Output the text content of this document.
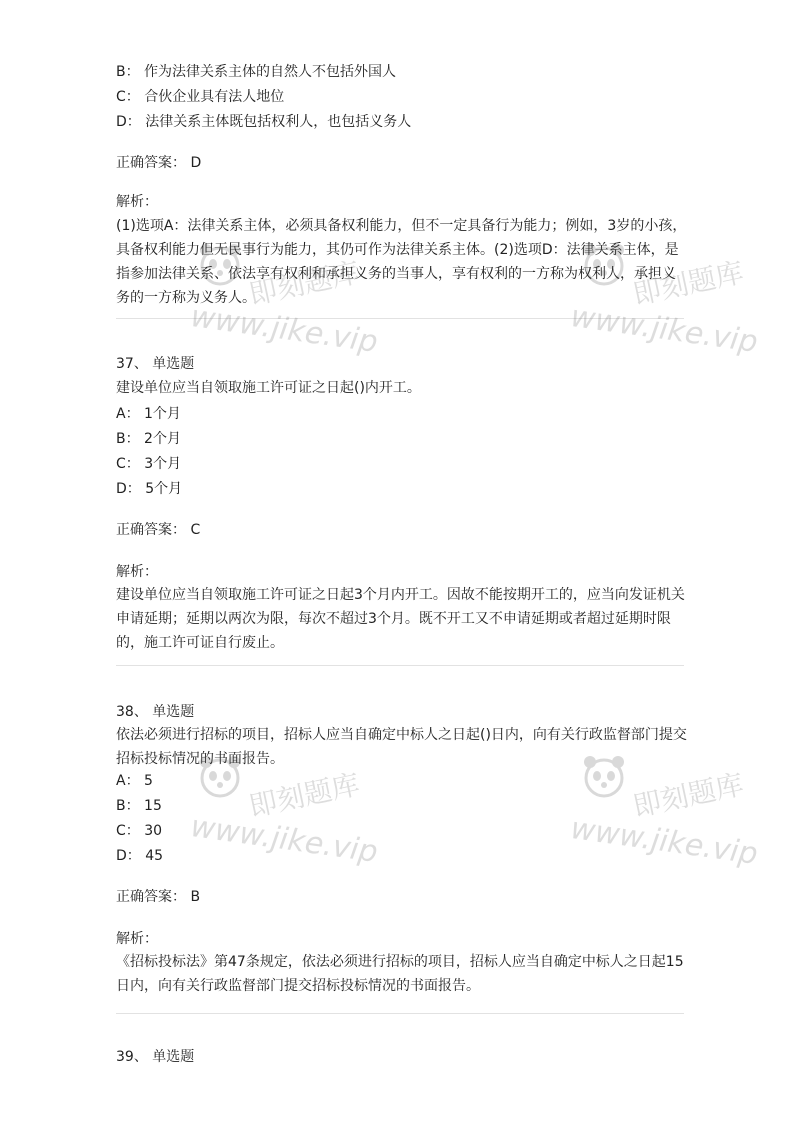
B： 作为法律关系主体的自然人不包括外国人
C： 合伙企业具有法人地位
D： 法律关系主体既包括权利人，也包括义务人
正确答案： D
解析：
(1)选项A：法律关系主体，必须具备权利能力，但不一定具备行为能力；例如，3岁的小孩，具备权利能力但无民事行为能力，其仍可作为法律关系主体。(2)选项D：法律关系主体，是指参加法律关系、依法享有权利和承担义务的当事人，享有权利的一方称为权利人，承担义务的一方称为义务人。
37、 单选题
建设单位应当自领取施工许可证之日起()内开工。
A： 1个月
B： 2个月
C： 3个月
D： 5个月
正确答案： C
解析：
建设单位应当自领取施工许可证之日起3个月内开工。因故不能按期开工的，应当向发证机关申请延期；延期以两次为限，每次不超过3个月。既不开工又不申请延期或者超过延期时限的，施工许可证自行废止。
38、 单选题
依法必须进行招标的项目，招标人应当自确定中标人之日起()日内，向有关行政监督部门提交招标投标情况的书面报告。
A： 5
B： 15
C： 30
D： 45
正确答案： B
解析：
《招标投标法》第47条规定，依法必须进行招标的项目，招标人应当自确定中标人之日起15日内，向有关行政监督部门提交招标投标情况的书面报告。
39、 单选题
即刻题库
www.jike.vip
即刻题库
www.jike.vip
即刻题库
www.jike.vip
即刻题库
www.jike.vip
